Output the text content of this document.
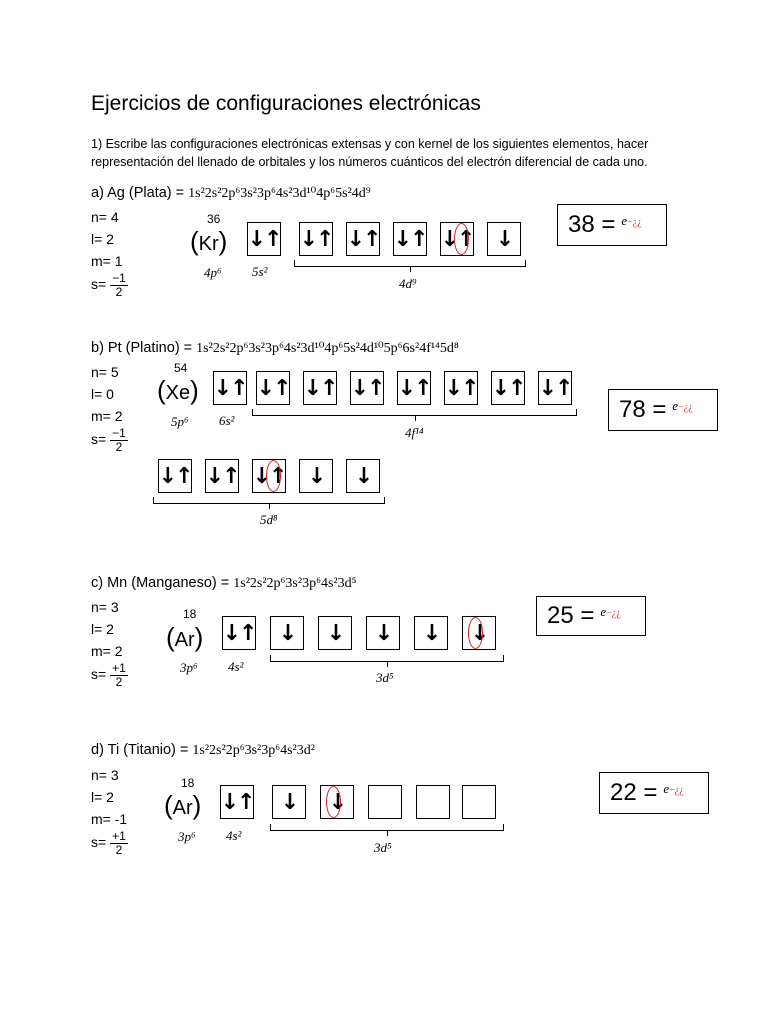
Ejercicios de configuraciones electrónicas
1) Escribe las configuraciones electrónicas extensas y con kernel de los siguientes elementos, hacer representación del llenado de orbitales y los números cuánticos del electrón diferencial de cada uno.
a) Ag (Plata) = 1s²2s²2p⁶3s²3p⁶4s²3d¹⁰4p⁶5s²4d⁹
n= 4
l= 2
m= 1
$s= \frac{-1}{2}$
36
(Kr)
4p⁶
↓↑
5s²
↓↑ ↓↑ ↓↑ ↓ ↑	↓
4d⁹
38 = e−¿¿
b) Pt (Platino) = 1s²2s²2p⁶3s²3p⁶4s²3d¹⁰4p⁶5s²4d¹⁰5p⁶6s²4f¹⁴5d⁸
n= 5
l= 0
m= 2
$s= \frac{-1}{2}$
54
(Xe)
5p⁶
↓↑
6s²
↓↑ ↓↑ ↓↑ ↓↑ ↓↑ ↓↑ ↓↑
4f¹⁴
78 = e−¿¿
↓↑ ↓↑ ↓ ↑	↓	↓
5d⁸
c) Mn (Manganeso) = 1s²2s²2p⁶3s²3p⁶4s²3d⁵
n= 3
l= 2
m= 2
$s= \frac{+1}{2}$
18
(Ar)
3p⁶
↓↑
4s²
↓	↓	↓	↓	↓
3d⁵
25 = e−¿¿
d) Ti (Titanio) = 1s²2s²2p⁶3s²3p⁶4s²3d²
n= 3
l= 2
m= -1
$s= \frac{+1}{2}$
18
(Ar)
3p⁶
↓↑
4s²
↓	↓
3d⁵
22 = e−¿¿
